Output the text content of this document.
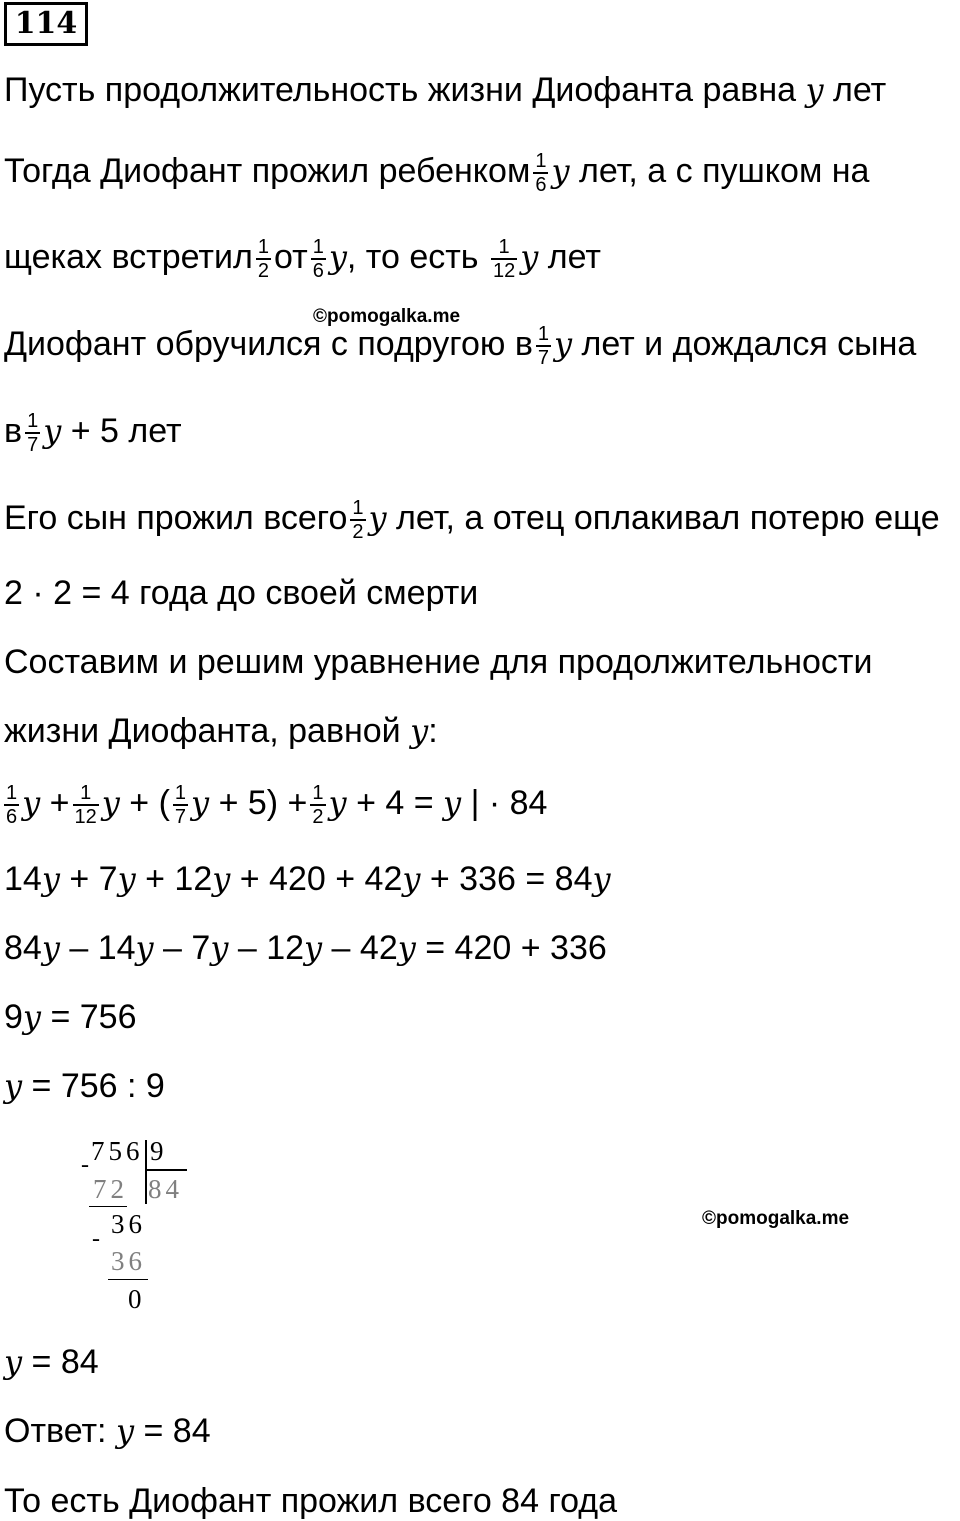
114
Пусть продолжительность жизни Диофанта равна y лет
Тогда Диофант прожил ребенком $\frac{1}{6}$ y лет, а с пушком на
щеках встретил $\frac{1}{2}$ от $\frac{1}{6} y$, то есть $\frac{1}{12}$ y лет
©pomogalka.me
Диофант обручился с подругою в $\frac{1}{7}$ y лет и дождался сына
в $\frac{1}{7}$ y + 5 лет
Его сын прожил всего $\frac{1}{2}$ y лет, а отец оплакивал потерю еще
2 · 2 = 4 года до своей смерти
Составим и решим уравнение для продолжительности
жизни Диофанта, равной y:
$\frac{1}{6}$ $y + \frac{1}{12}$ y + ( $\frac{1}{7}$ $y + 5) + \frac{1}{2}$ y + 4 = y | · 84
14y + 7y + 12y + 420 + 42y + 336 = 84y
84y – 14y – 7y – 12y – 42y = 420 + 336
9y = 756
y = 756 : 9
756 9
-
72 84
36
-
36
0
©pomogalka.me
y = 84
Ответ: y = 84
То есть Диофант прожил всего 84 года
